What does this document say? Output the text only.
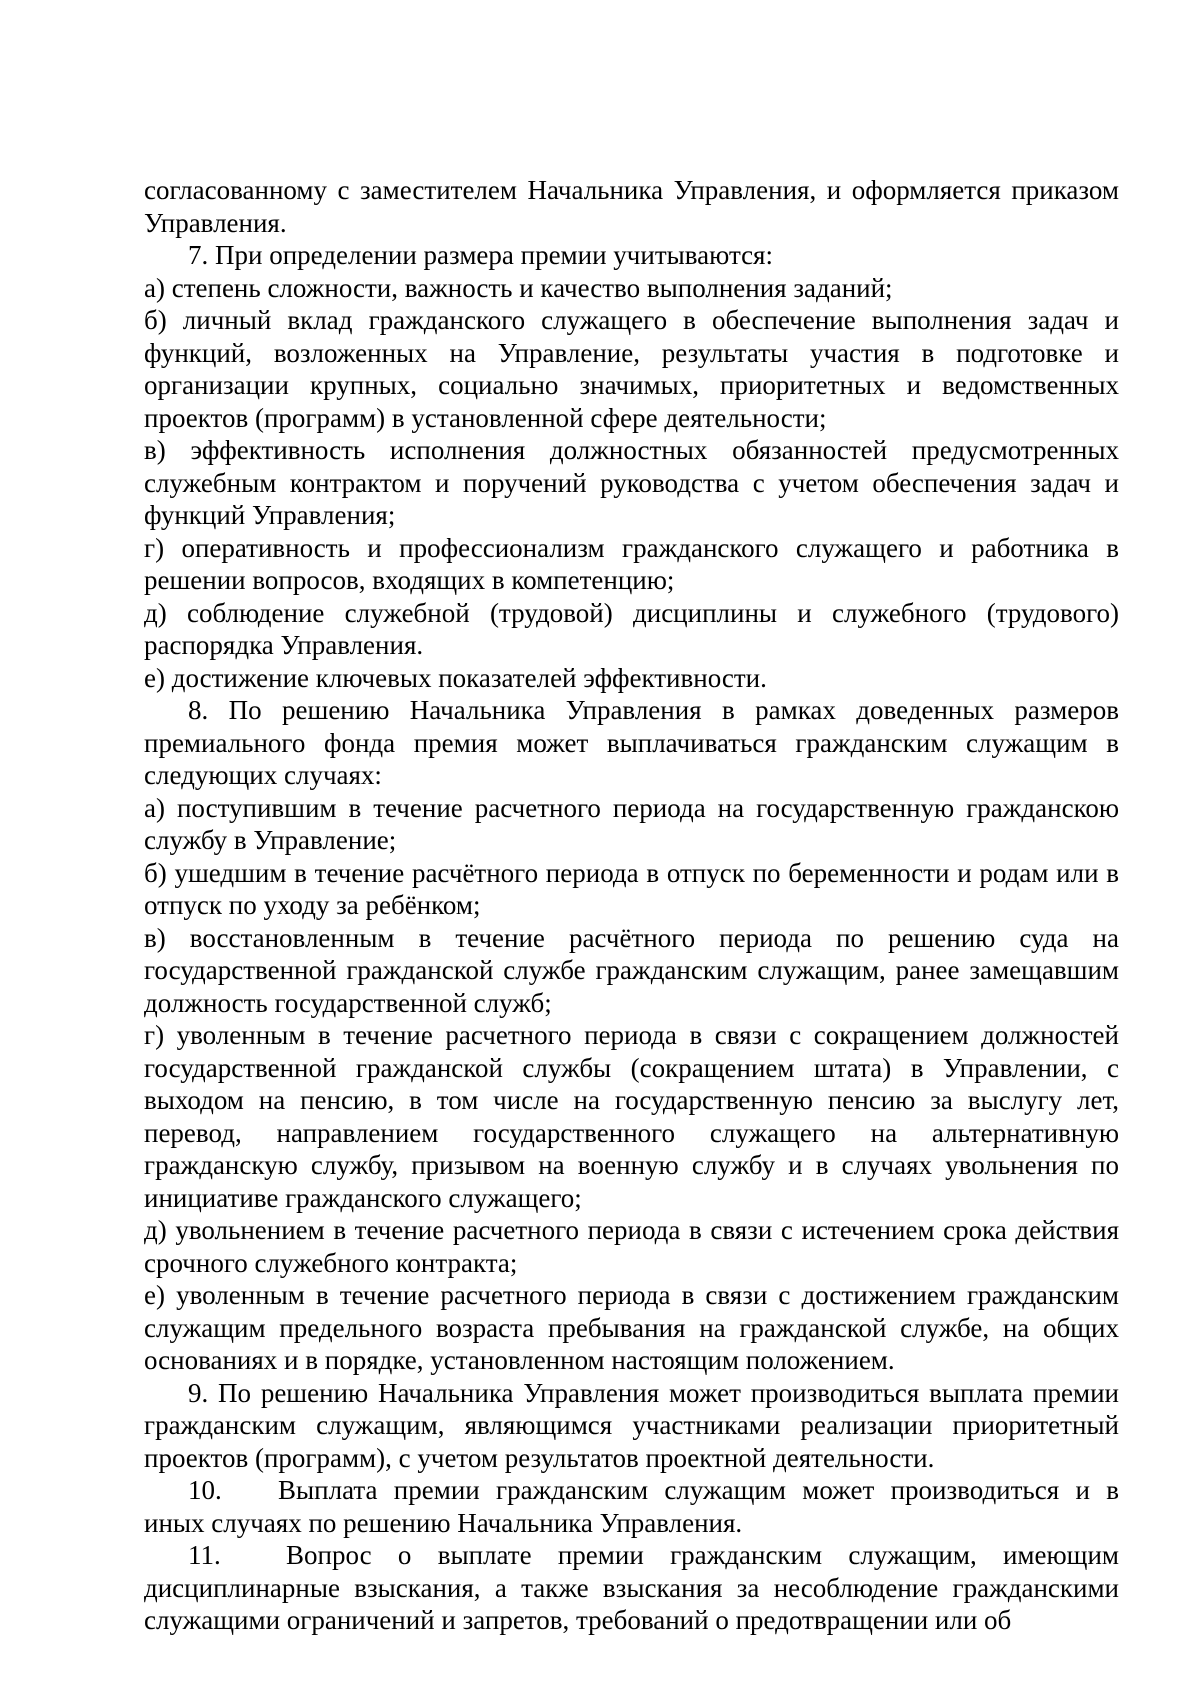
согласованному с заместителем Начальника Управления, и оформляется приказом Управления.

7. При определении размера премии учитываются:

а) степень сложности, важность и качество выполнения заданий;

б) личный вклад гражданского служащего в обеспечение выполнения задач и функций, возложенных на Управление, результаты участия в подготовке и организации крупных, социально значимых, приоритетных и ведомственных проектов (программ) в установленной сфере деятельности;

в) эффективность исполнения должностных обязанностей предусмотренных служебным контрактом и поручений руководства с учетом обеспечения задач и функций Управления;

г) оперативность и профессионализм гражданского служащего и работника в решении вопросов, входящих в компетенцию;

д) соблюдение служебной (трудовой) дисциплины и служебного (трудового) распорядка Управления.

е) достижение ключевых показателей эффективности.

8. По решению Начальника Управления в рамках доведенных размеров премиального фонда премия может выплачиваться гражданским служащим в следующих случаях:

а) поступившим в течение расчетного периода на государственную гражданскою службу в Управление;

б) ушедшим в течение расчётного периода в отпуск по беременности и родам или в отпуск по уходу за ребёнком;

в) восстановленным в течение расчётного периода по решению суда на государственной гражданской службе гражданским служащим, ранее замещавшим должность государственной служб;

г) уволенным в течение расчетного периода в связи с сокращением должностей государственной гражданской службы (сокращением штата) в Управлении, с выходом на пенсию, в том числе на государственную пенсию за выслугу лет, перевод, направлением государственного служащего на альтернативную гражданскую службу, призывом на военную службу и в случаях увольнения по инициативе гражданского служащего;

д) увольнением в течение расчетного периода в связи с истечением срока действия срочного служебного контракта;

е) уволенным в течение расчетного периода в связи с достижением гражданским служащим предельного возраста пребывания на гражданской службе, на общих основаниях и в порядке, установленном настоящим положением.

9. По решению Начальника Управления может производиться выплата премии гражданским служащим, являющимся участниками реализации приоритетный проектов (программ), с учетом результатов проектной деятельности.

10. Выплата премии гражданским служащим может производиться и в иных случаях по решению Начальника Управления.

11. Вопрос о выплате премии гражданским служащим, имеющим дисциплинарные взыскания, а также взыскания за несоблюдение гражданскими служащими ограничений и запретов, требований о предотвращении или об
